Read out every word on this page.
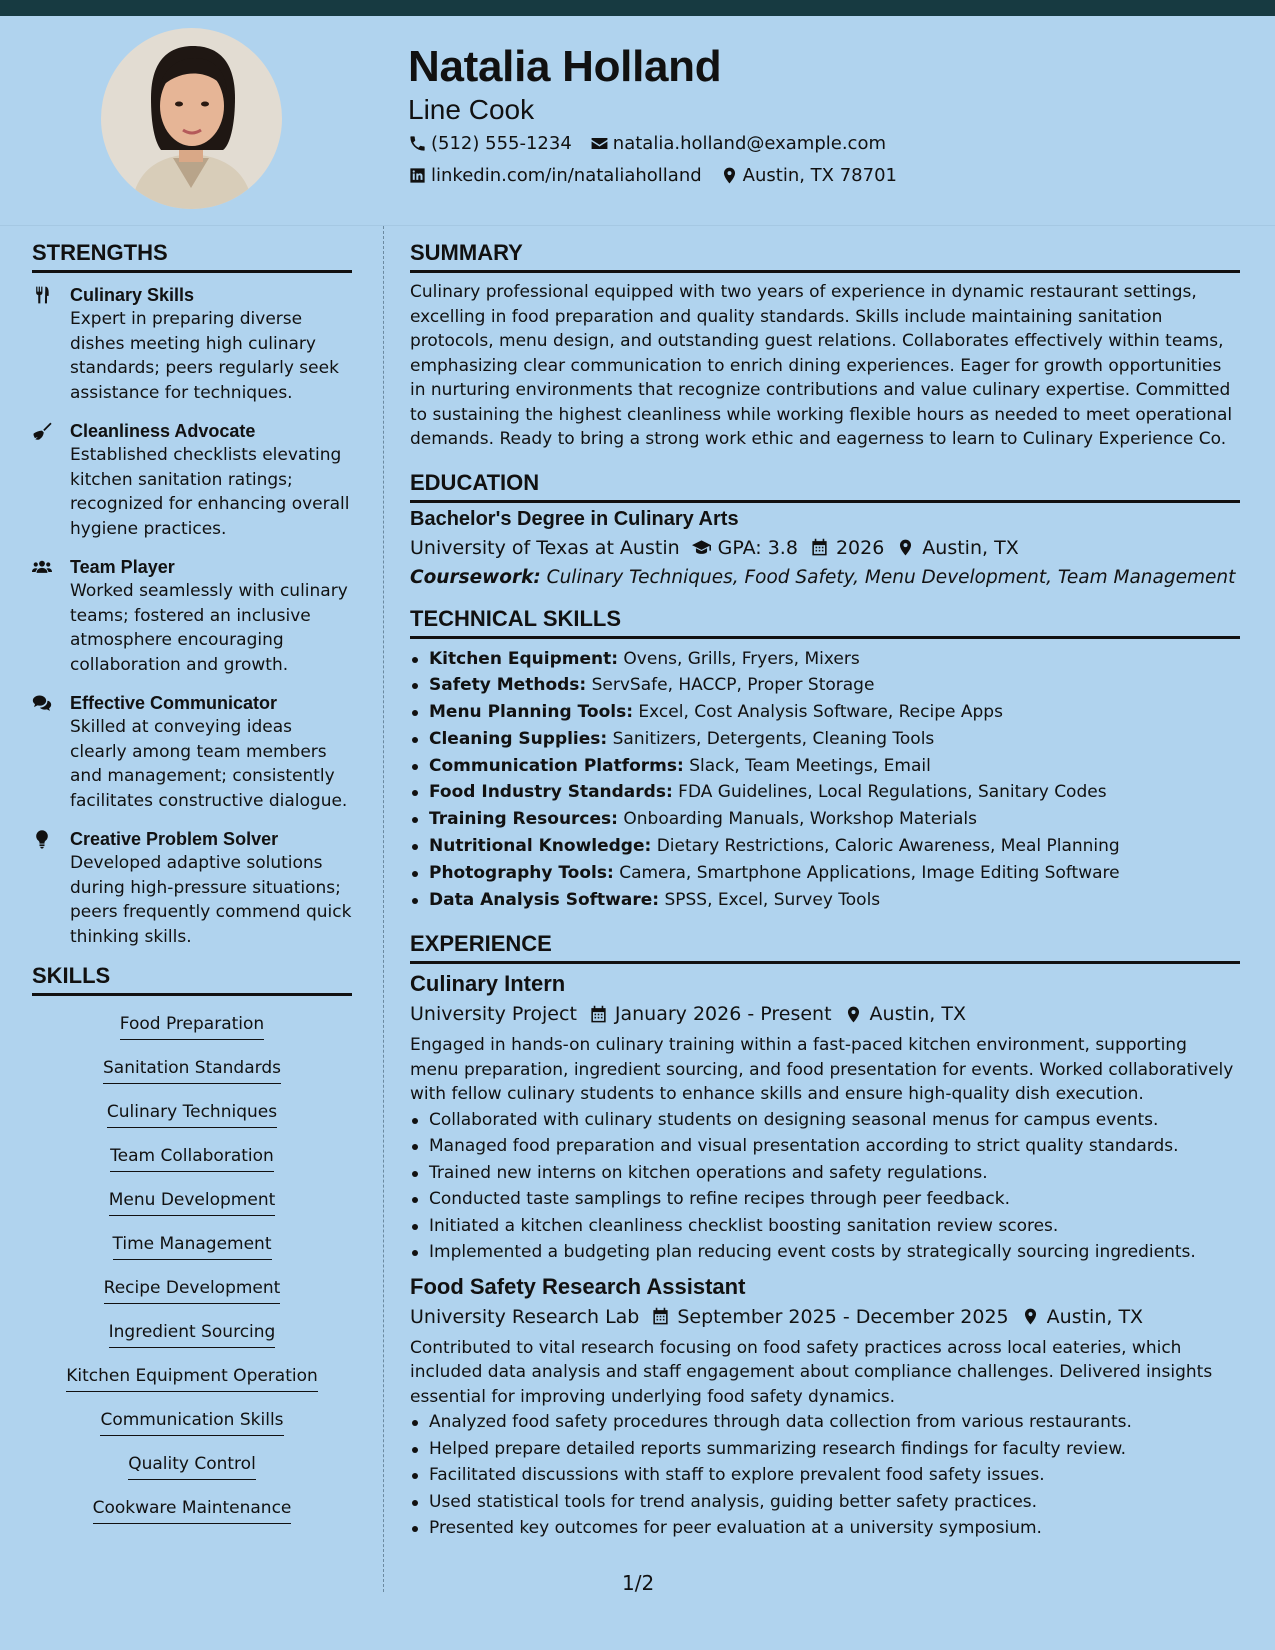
Natalia Holland
Line Cook
(512) 555-1234 natalia.holland@example.com
linkedin.com/in/nataliaholland Austin, TX 78701
STRENGTHS
Culinary Skills
Expert in preparing diverse dishes meeting high culinary standards; peers regularly seek assistance for techniques.
Cleanliness Advocate
Established checklists elevating kitchen sanitation ratings; recognized for enhancing overall hygiene practices.
Team Player
Worked seamlessly with culinary teams; fostered an inclusive atmosphere encouraging collaboration and growth.
Effective Communicator
Skilled at conveying ideas clearly among team members and management; consistently facilitates constructive dialogue.
Creative Problem Solver
Developed adaptive solutions during high-pressure situations; peers frequently commend quick thinking skills.
SKILLS
Food Preparation
Sanitation Standards
Culinary Techniques
Team Collaboration
Menu Development
Time Management
Recipe Development
Ingredient Sourcing
Kitchen Equipment Operation
Communication Skills
Quality Control
Cookware Maintenance
SUMMARY
Culinary professional equipped with two years of experience in dynamic restaurant settings, excelling in food preparation and quality standards. Skills include maintaining sanitation protocols, menu design, and outstanding guest relations. Collaborates effectively within teams, emphasizing clear communication to enrich dining experiences. Eager for growth opportunities in nurturing environments that recognize contributions and value culinary expertise. Committed to sustaining the highest cleanliness while working flexible hours as needed to meet operational demands. Ready to bring a strong work ethic and eagerness to learn to Culinary Experience Co.
EDUCATION
Bachelor's Degree in Culinary Arts
University of Texas at Austin GPA: 3.8 2026 Austin, TX
Coursework: Culinary Techniques, Food Safety, Menu Development, Team Management
TECHNICAL SKILLS
Kitchen Equipment: Ovens, Grills, Fryers, Mixers
Safety Methods: ServSafe, HACCP, Proper Storage
Menu Planning Tools: Excel, Cost Analysis Software, Recipe Apps
Cleaning Supplies: Sanitizers, Detergents, Cleaning Tools
Communication Platforms: Slack, Team Meetings, Email
Food Industry Standards: FDA Guidelines, Local Regulations, Sanitary Codes
Training Resources: Onboarding Manuals, Workshop Materials
Nutritional Knowledge: Dietary Restrictions, Caloric Awareness, Meal Planning
Photography Tools: Camera, Smartphone Applications, Image Editing Software
Data Analysis Software: SPSS, Excel, Survey Tools
EXPERIENCE
Culinary Intern
University Project January 2026 - Present Austin, TX
Engaged in hands-on culinary training within a fast-paced kitchen environment, supporting menu preparation, ingredient sourcing, and food presentation for events. Worked collaboratively with fellow culinary students to enhance skills and ensure high-quality dish execution.
Collaborated with culinary students on designing seasonal menus for campus events.
Managed food preparation and visual presentation according to strict quality standards.
Trained new interns on kitchen operations and safety regulations.
Conducted taste samplings to refine recipes through peer feedback.
Initiated a kitchen cleanliness checklist boosting sanitation review scores.
Implemented a budgeting plan reducing event costs by strategically sourcing ingredients.
Food Safety Research Assistant
University Research Lab September 2025 - December 2025 Austin, TX
Contributed to vital research focusing on food safety practices across local eateries, which included data analysis and staff engagement about compliance challenges. Delivered insights essential for improving underlying food safety dynamics.
Analyzed food safety procedures through data collection from various restaurants.
Helped prepare detailed reports summarizing research findings for faculty review.
Facilitated discussions with staff to explore prevalent food safety issues.
Used statistical tools for trend analysis, guiding better safety practices.
Presented key outcomes for peer evaluation at a university symposium.
1/2
